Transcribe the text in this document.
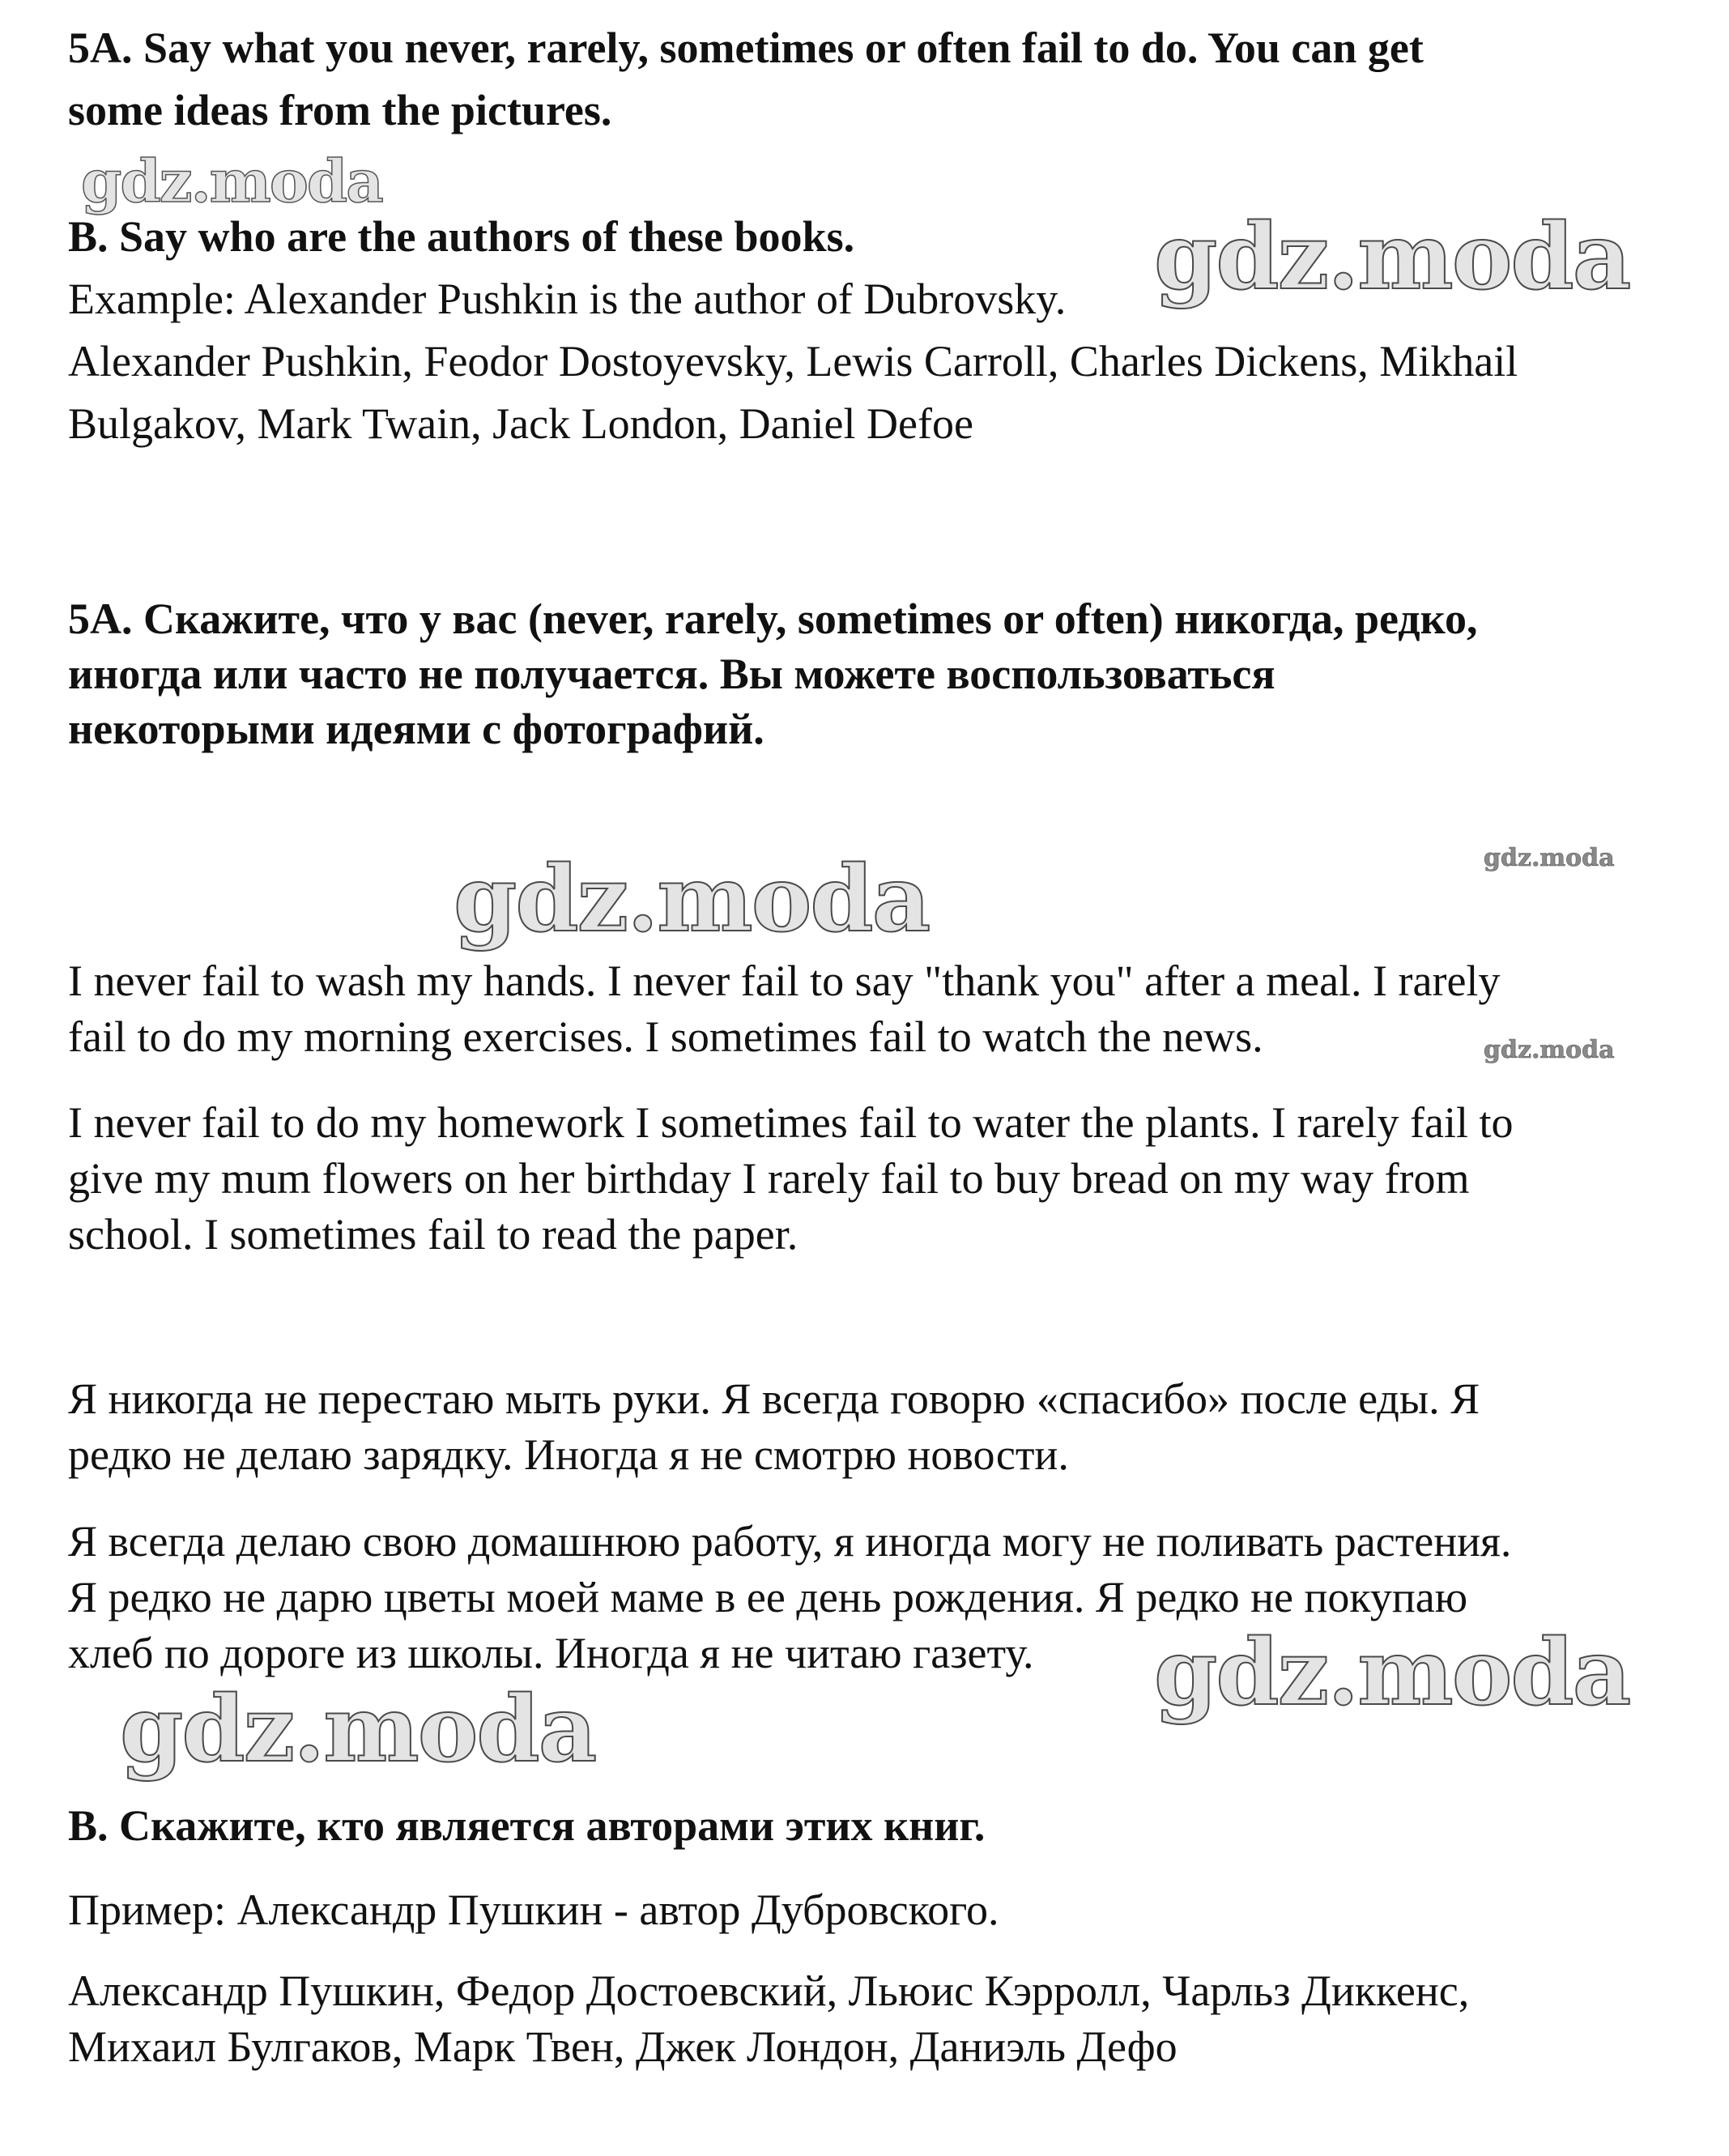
gdz.moda
gdz.moda
gdz.moda	gdz.moda
gdz.moda
gdz.moda
gdz.moda
5A. Say what you never, rarely, sometimes or often fail to do. You can get
some ideas from the pictures.
B. Say who are the authors of these books.
Example: Alexander Pushkin is the author of Dubrovsky.
Alexander Pushkin, Feodor Dostoyevsky, Lewis Carroll, Charles Dickens, Mikhail
Bulgakov, Mark Twain, Jack London, Daniel Defoe
5A. Скажите, что у вас (never, rarely, sometimes or often) никогда, редко,
иногда или часто не получается. Вы можете воспользоваться
некоторыми идеями с фотографий.
I never fail to wash my hands. I never fail to say "thank you" after a meal. I rarely
fail to do my morning exercises. I sometimes fail to watch the news.
I never fail to do my homework I sometimes fail to water the plants. I rarely fail to
give my mum flowers on her birthday I rarely fail to buy bread on my way from
school. I sometimes fail to read the paper.
Я никогда не перестаю мыть руки. Я всегда говорю «спасибо» после еды. Я
редко не делаю зарядку. Иногда я не смотрю новости.
Я всегда делаю свою домашнюю работу, я иногда могу не поливать растения.
Я редко не дарю цветы моей маме в ее день рождения. Я редко не покупаю
хлеб по дороге из школы. Иногда я не читаю газету.
B. Скажите, кто является авторами этих книг.
Пример: Александр Пушкин - автор Дубровского.
Александр Пушкин, Федор Достоевский, Льюис Кэрролл, Чарльз Диккенс,
Михаил Булгаков, Марк Твен, Джек Лондон, Даниэль Дефо
